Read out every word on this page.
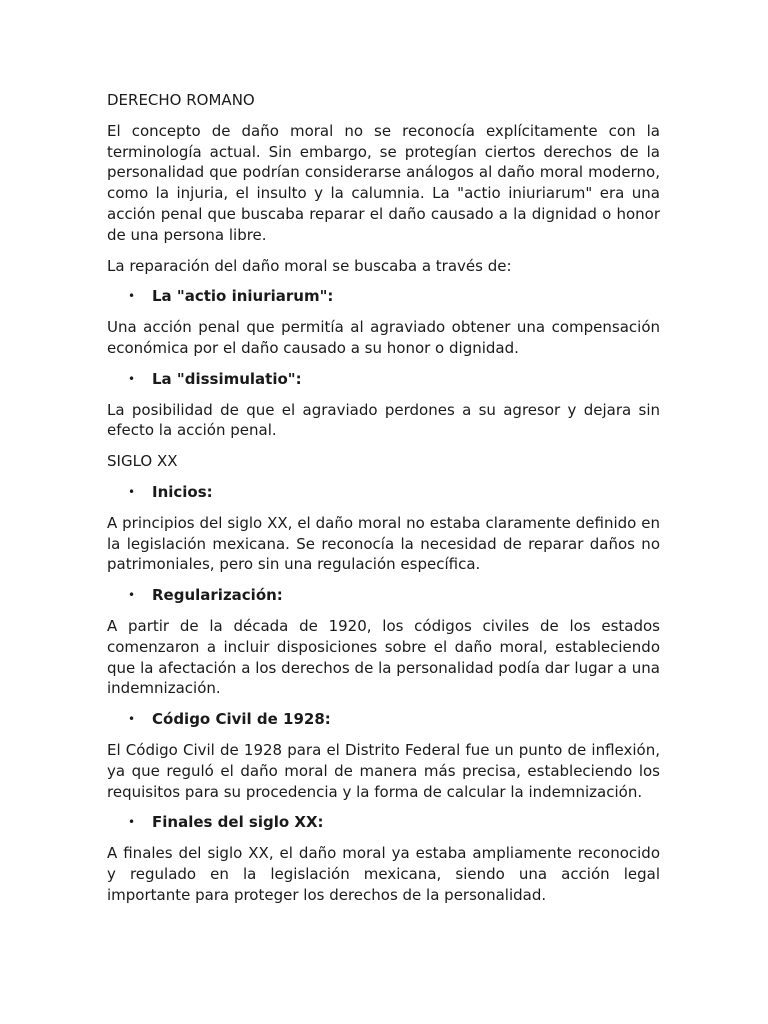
DERECHO ROMANO

El concepto de daño moral no se reconocía explícitamente con la terminología actual. Sin embargo, se protegían ciertos derechos de la personalidad que podrían considerarse análogos al daño moral moderno, como la injuria, el insulto y la calumnia. La "actio iniuriarum" era una acción penal que buscaba reparar el daño causado a la dignidad o honor de una persona libre.

La reparación del daño moral se buscaba a través de:

• La "actio iniuriarum":

Una acción penal que permitía al agraviado obtener una compensación económica por el daño causado a su honor o dignidad.

• La "dissimulatio":

La posibilidad de que el agraviado perdones a su agresor y dejara sin efecto la acción penal.

SIGLO XX
• Inicios:

A principios del siglo XX, el daño moral no estaba claramente definido en la legislación mexicana. Se reconocía la necesidad de reparar daños no patrimoniales, pero sin una regulación específica.

• Regularización:

A partir de la década de 1920, los códigos civiles de los estados comenzaron a incluir disposiciones sobre el daño moral, estableciendo que la afectación a los derechos de la personalidad podía dar lugar a una indemnización.

• Código Civil de 1928:

El Código Civil de 1928 para el Distrito Federal fue un punto de inflexión, ya que reguló el daño moral de manera más precisa, estableciendo los requisitos para su procedencia y la forma de calcular la indemnización.

• Finales del siglo XX:

A finales del siglo XX, el daño moral ya estaba ampliamente reconocido y regulado en la legislación mexicana, siendo una acción legal importante para proteger los derechos de la personalidad.
